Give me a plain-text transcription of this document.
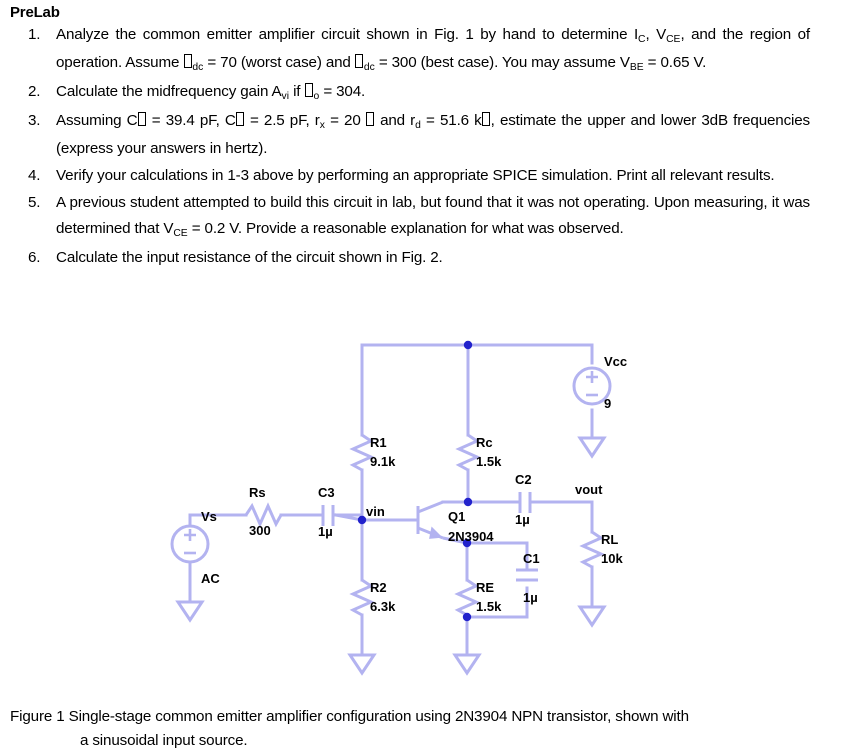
PreLab
1.	Analyze the common emitter amplifier circuit shown in Fig. 1 by hand to determine $I_C$, $V_{CE}$, and the region of operation. Assume $_{dc}$ = 70 (worst case) and $_{dc}$ = 300 (best case). You may assume $V_{BE} = 0.65$ V.
2.	Calculate the midfrequency gain $A_{vi}$ if $_o$ = 304.
3.	Assuming C = 39.4 pF, C = 2.5 pF, $r_x = 20$  and $r_d = 51.6$ k , estimate the upper and lower 3dB frequencies (express your answers in hertz).
4.	Verify your calculations in 1-3 above by performing an appropriate SPICE simulation. Print all relevant results.
5.	A previous student attempted to build this circuit in lab, but found that it was not operating. Upon measuring, it was determined that $V_{CE} = 0.2$ V. Provide a reasonable explanation for what was observed.
6.	Calculate the input resistance of the circuit shown in Fig. 2.
R1
9.1k
R2
6.3k
Rc
1.5k
RE
1.5k
RL
10k
Rs
300
C3
1µ
C2
1µ
C1
1µ
Q1
2N3904
Vs
AC
Vcc
9
vin
vout
Figure 1 Single-stage common emitter amplifier configuration using 2N3904 NPN transistor, shown with
a sinusoidal input source.
